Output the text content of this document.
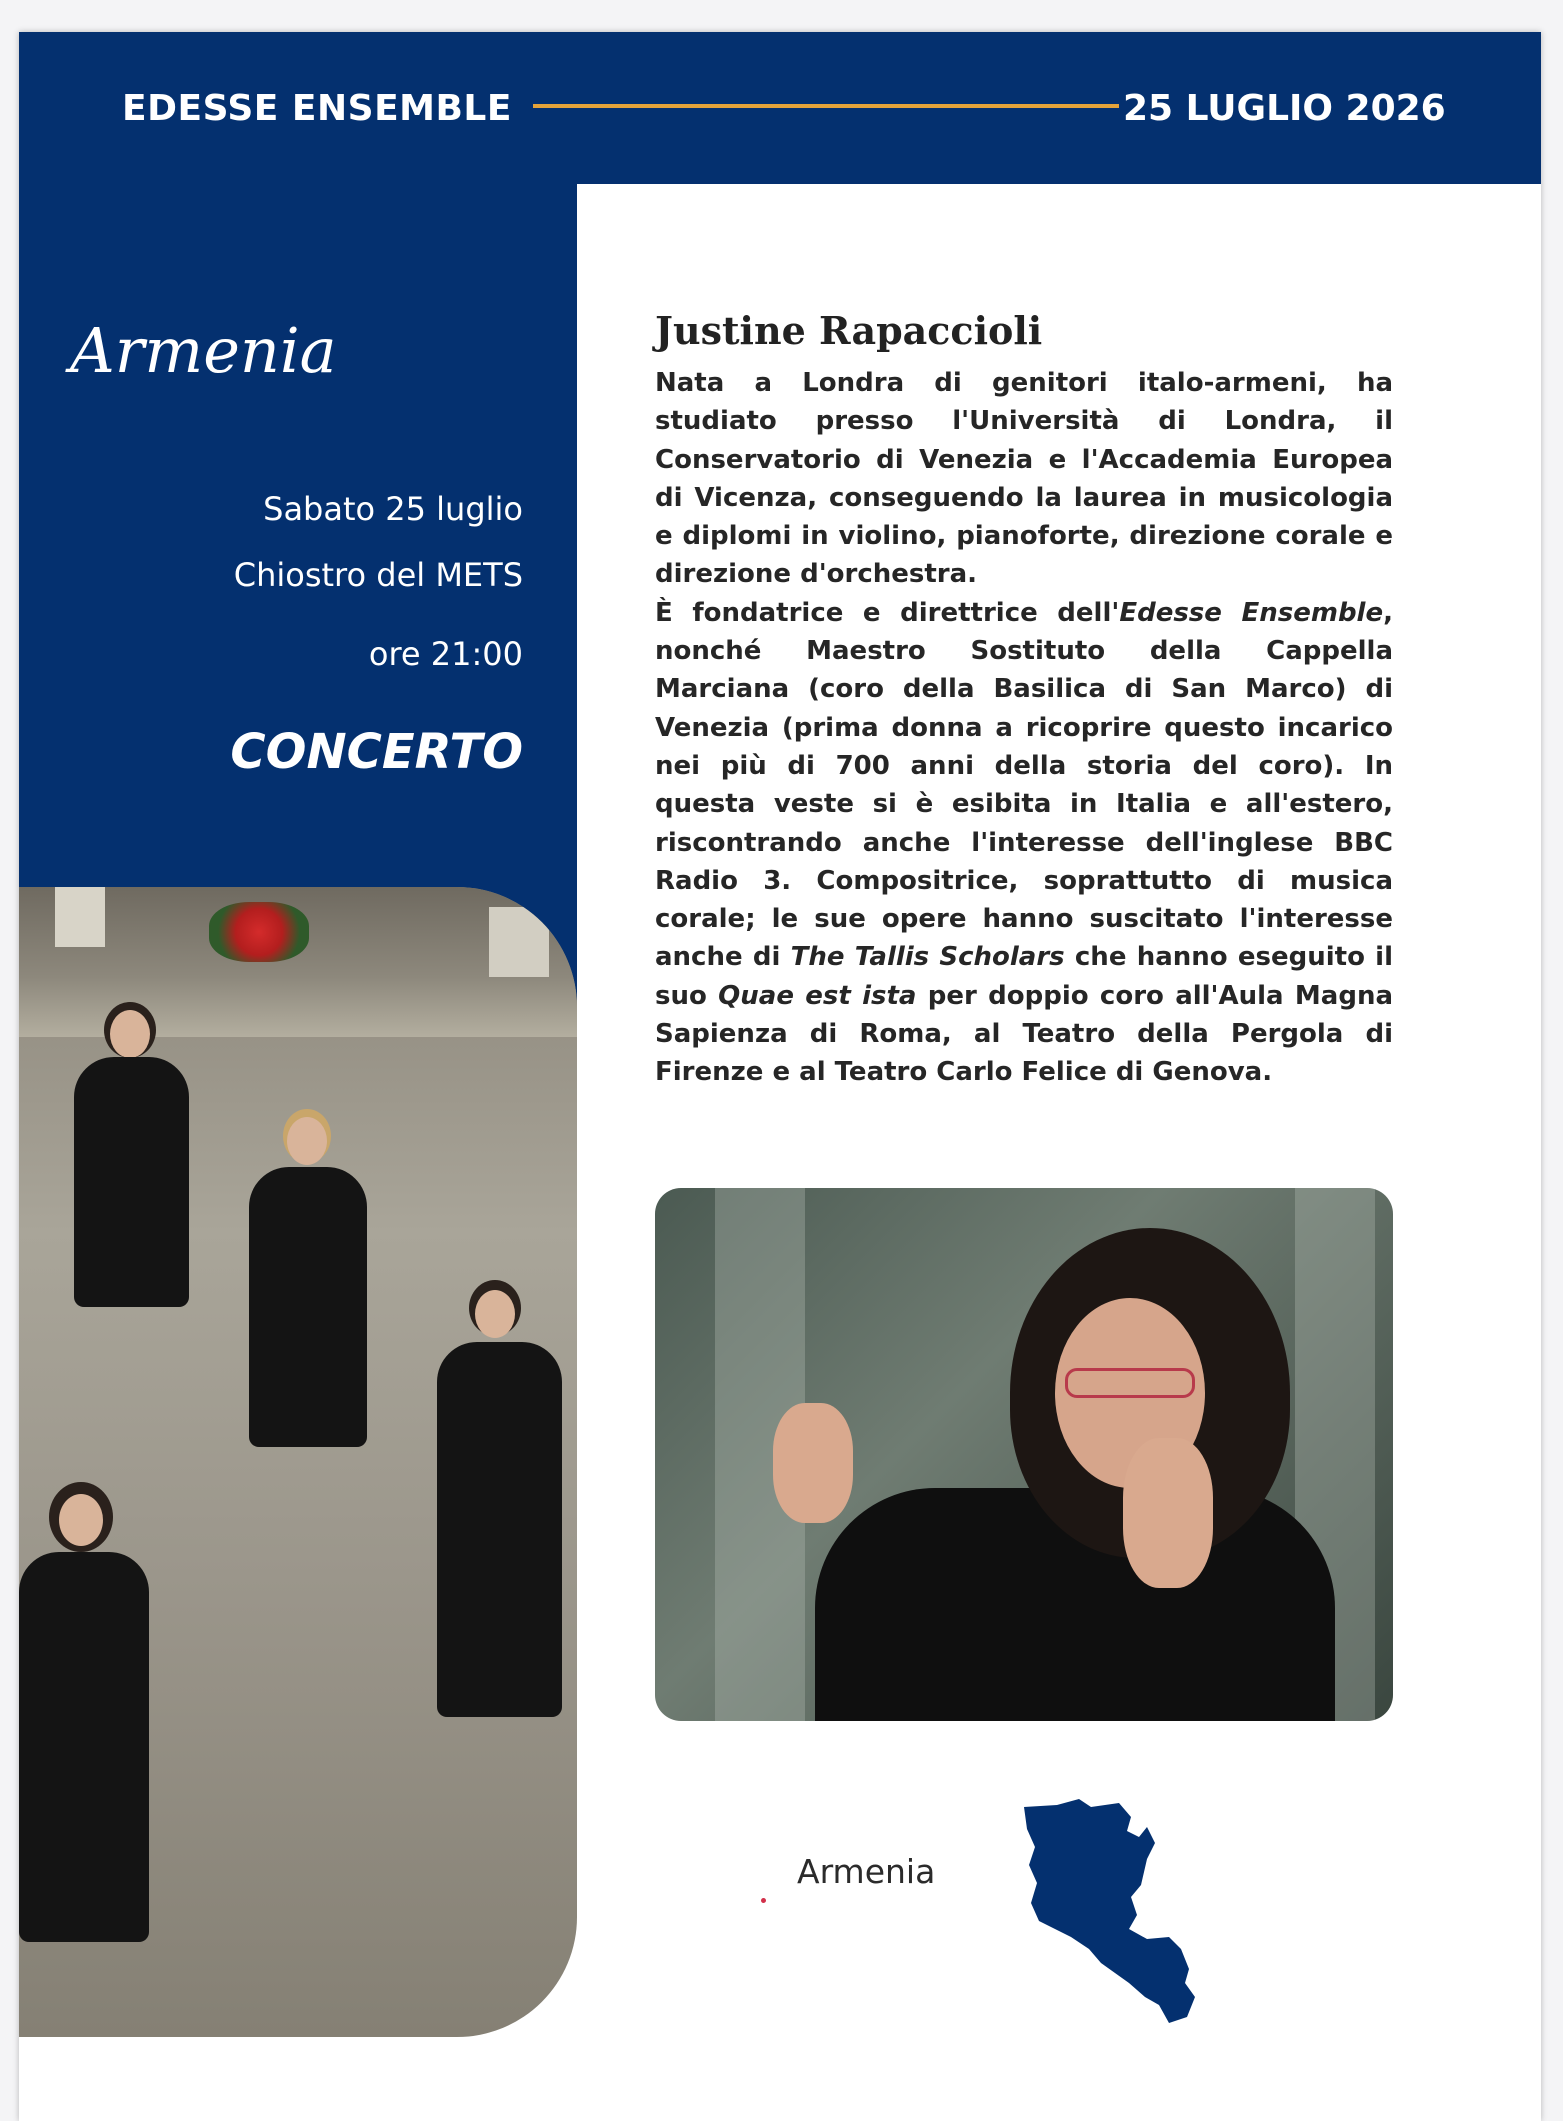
EDESSE ENSEMBLE	25 LUGLIO 2026
Armenia
Sabato 25 luglio
Chiostro del METS
ore 21:00
CONCERTO
Justine Rapaccioli

Nata a Londra di genitori italo-armeni, ha studiato presso l'Università di Londra, il Conservatorio di Venezia e l'Accademia Europea di Vicenza, conseguendo la laurea in musicologia e diplomi in violino, pianoforte, direzione corale e direzione d'orchestra.

È fondatrice e direttrice dell'Edesse Ensemble, nonché Maestro Sostituto della Cappella Marciana (coro della Basilica di San Marco) di Venezia (prima donna a ricoprire questo incarico nei più di 700 anni della storia del coro). In questa veste si è esibita in Italia e all'estero, riscontrando anche l'interesse dell'inglese BBC Radio 3. Compositrice, soprattutto di musica corale; le sue opere hanno suscitato l'interesse anche di The Tallis Scholars che hanno eseguito il suo Quae est ista per doppio coro all'Aula Magna Sapienza di Roma, al Teatro della Pergola di Firenze e al Teatro Carlo Felice di Genova.

Armenia
